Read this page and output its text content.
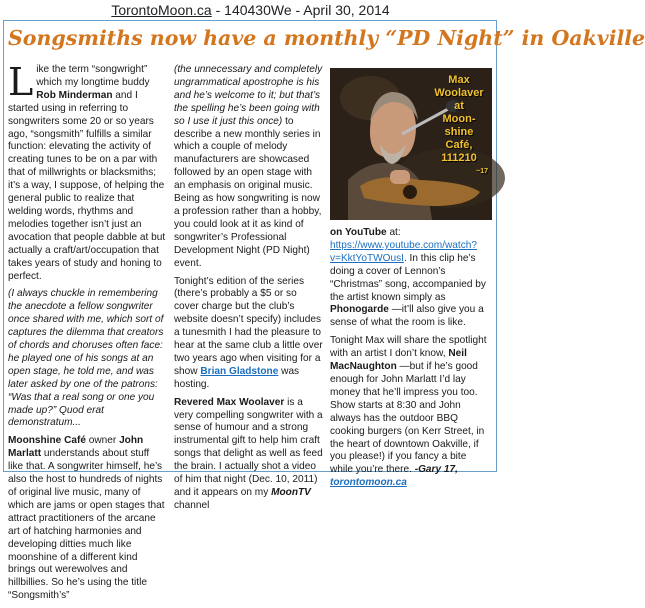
TorontoMoon.ca - 140430We - April 30, 2014
Songsmiths now have a monthly “PD Night” in Oakville

Like the term “songwright” which my longtime buddy Rob Minderman and I started using in referring to songwriters some 20 or so years ago, “songsmith” fulfills a similar function: elevating the activity of creating tunes to be on a par with that of millwrights or blacksmiths; it’s a way, I suppose, of helping the general public to realize that welding words, rhythms and melodies together isn’t just an avocation that people dabble at but actually a craft/art/occupation that takes years of study and honing to perfect.

(I always chuckle in remembering the anecdote a fellow songwriter once shared with me, which sort of captures the dilemma that creators of chords and choruses often face: he played one of his songs at an open stage, he told me, and was later asked by one of the patrons: “Was that a real song or one you made up?” Quod erat demonstratum...

Moonshine Café owner John Marlatt understands about stuff like that. A songwriter himself, he’s also the host to hundreds of nights of original live music, many of which are jams or open stages that attract practitioners of the arcane art of hatching harmonies and developing ditties much like moonshine of a different kind brings out werewolves and hillbillies. So he’s using the title “Songsmith’s”

(the unnecessary and completely ungrammatical apostrophe is his and he’s welcome to it; but that’s the spelling he’s been going with so I use it just this once) to describe a new monthly series in which a couple of melody manufacturers are showcased followed by an open stage with an emphasis on original music. Being as how songwriting is now a profession rather than a hobby, you could look at it as kind of songwriter’s Professional Development Night (PD Night) event.

Tonight’s edition of the series (there’s probably a $5 or so cover charge but the club’s website doesn’t specify) includes a tunesmith I had the pleasure to hear at the same club a little over two years ago when visiting for a show Brian Gladstone was hosting.

Revered Max Woolaver is a very compelling songwriter with a sense of humour and a strong instrumental gift to help him craft songs that delight as well as feed the brain. I actually shot a video of him that night (Dec. 10, 2011) and it appears on my MoonTV channel

Max
Woolaver
at
Moon-
shine
Café,
111210
~17

on YouTube at: https://www.youtube.com/watch?v=KktYoTWOusI. In this clip he’s doing a cover of Lennon’s “Christmas” song, accompanied by the artist known simply as Phonogarde —it’ll also give you a sense of what the room is like.

Tonight Max will share the spotlight with an artist I don’t know, Neil MacNaughton —but if he’s good enough for John Marlatt I’d lay money that he’ll impress you too. Show starts at 8:30 and John always has the outdoor BBQ cooking burgers (on Kerr Street, in the heart of downtown Oakville, if you please!) if you fancy a bite while you’re there. -Gary 17, torontomoon.ca
